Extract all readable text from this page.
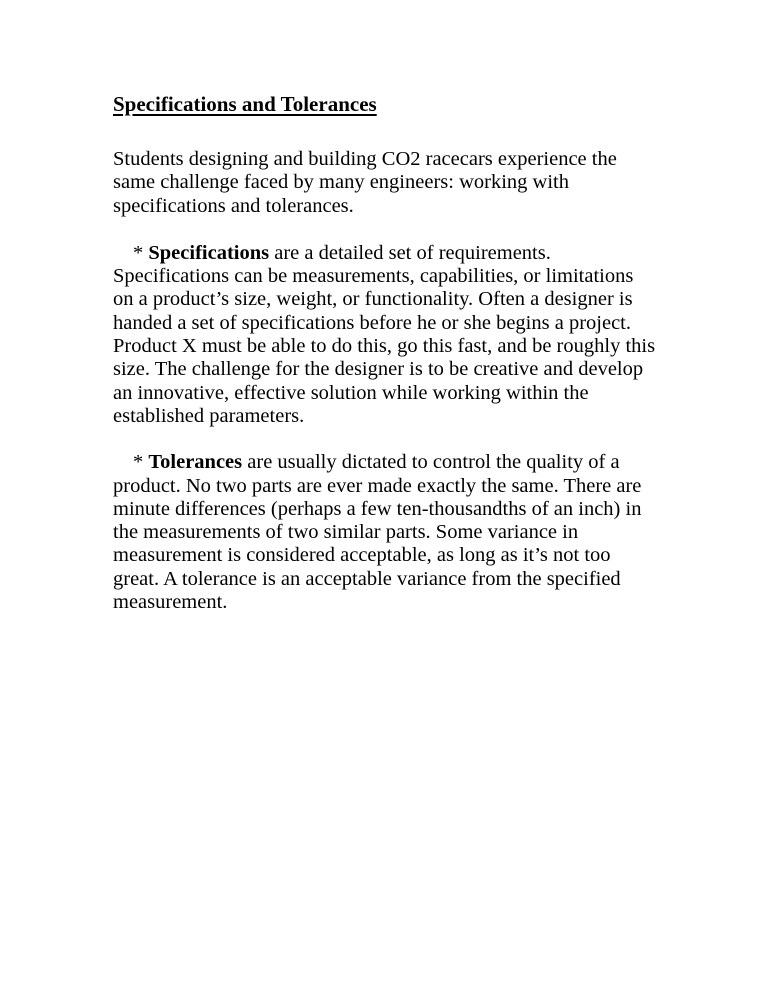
Specifications and Tolerances

Students designing and building CO2 racecars experience the same challenge faced by many engineers: working with specifications and tolerances.

* Specifications are a detailed set of requirements. Specifications can be measurements, capabilities, or limitations on a product’s size, weight, or functionality. Often a designer is handed a set of specifications before he or she begins a project. Product X must be able to do this, go this fast, and be roughly this size. The challenge for the designer is to be creative and develop an innovative, effective solution while working within the established parameters.

* Tolerances are usually dictated to control the quality of a product. No two parts are ever made exactly the same. There are minute differences (perhaps a few ten-thousandths of an inch) in the measurements of two similar parts. Some variance in measurement is considered acceptable, as long as it’s not too great. A tolerance is an acceptable variance from the specified measurement.
